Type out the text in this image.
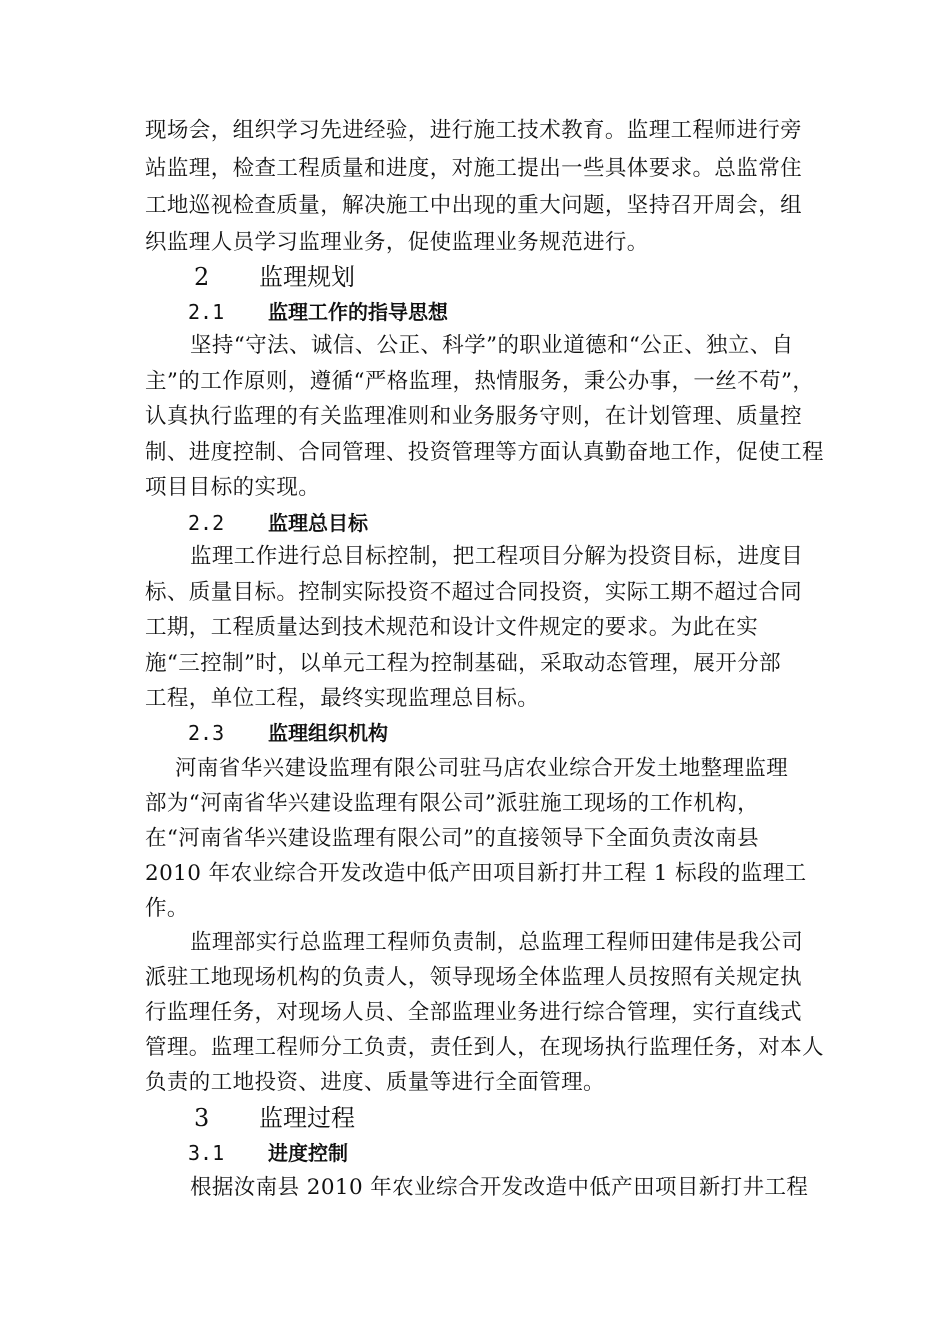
现场会，组织学习先进经验，进行施工技术教育。监理工程师进行旁
站监理，检查工程质量和进度，对施工提出一些具体要求。总监常住
工地巡视检查质量，解决施工中出现的重大问题，坚持召开周会，组
织监理人员学习监理业务，促使监理业务规范进行。
2 监理规划
2.1 监理工作的指导思想
坚持“守法、诚信、公正、科学”的职业道德和“公正、独立、自
主”的工作原则，遵循“严格监理，热情服务，秉公办事，一丝不苟”，
认真执行监理的有关监理准则和业务服务守则，在计划管理、质量控
制、进度控制、合同管理、投资管理等方面认真勤奋地工作，促使工程
项目目标的实现。
2.2 监理总目标
监理工作进行总目标控制，把工程项目分解为投资目标，进度目
标、质量目标。控制实际投资不超过合同投资，实际工期不超过合同
工期，工程质量达到技术规范和设计文件规定的要求。为此在实
施“三控制”时，以单元工程为控制基础，采取动态管理，展开分部
工程，单位工程，最终实现监理总目标。
2.3 监理组织机构
河南省华兴建设监理有限公司驻马店农业综合开发土地整理监理
部为“河南省华兴建设监理有限公司”派驻施工现场的工作机构，
在“河南省华兴建设监理有限公司”的直接领导下全面负责汝南县
2010 年农业综合开发改造中低产田项目新打井工程 1 标段的监理工
作。
监理部实行总监理工程师负责制，总监理工程师田建伟是我公司
派驻工地现场机构的负责人，领导现场全体监理人员按照有关规定执
行监理任务，对现场人员、全部监理业务进行综合管理，实行直线式
管理。监理工程师分工负责，责任到人，在现场执行监理任务，对本人
负责的工地投资、进度、质量等进行全面管理。
3 监理过程
3.1 进度控制
根据汝南县 2010 年农业综合开发改造中低产田项目新打井工程
